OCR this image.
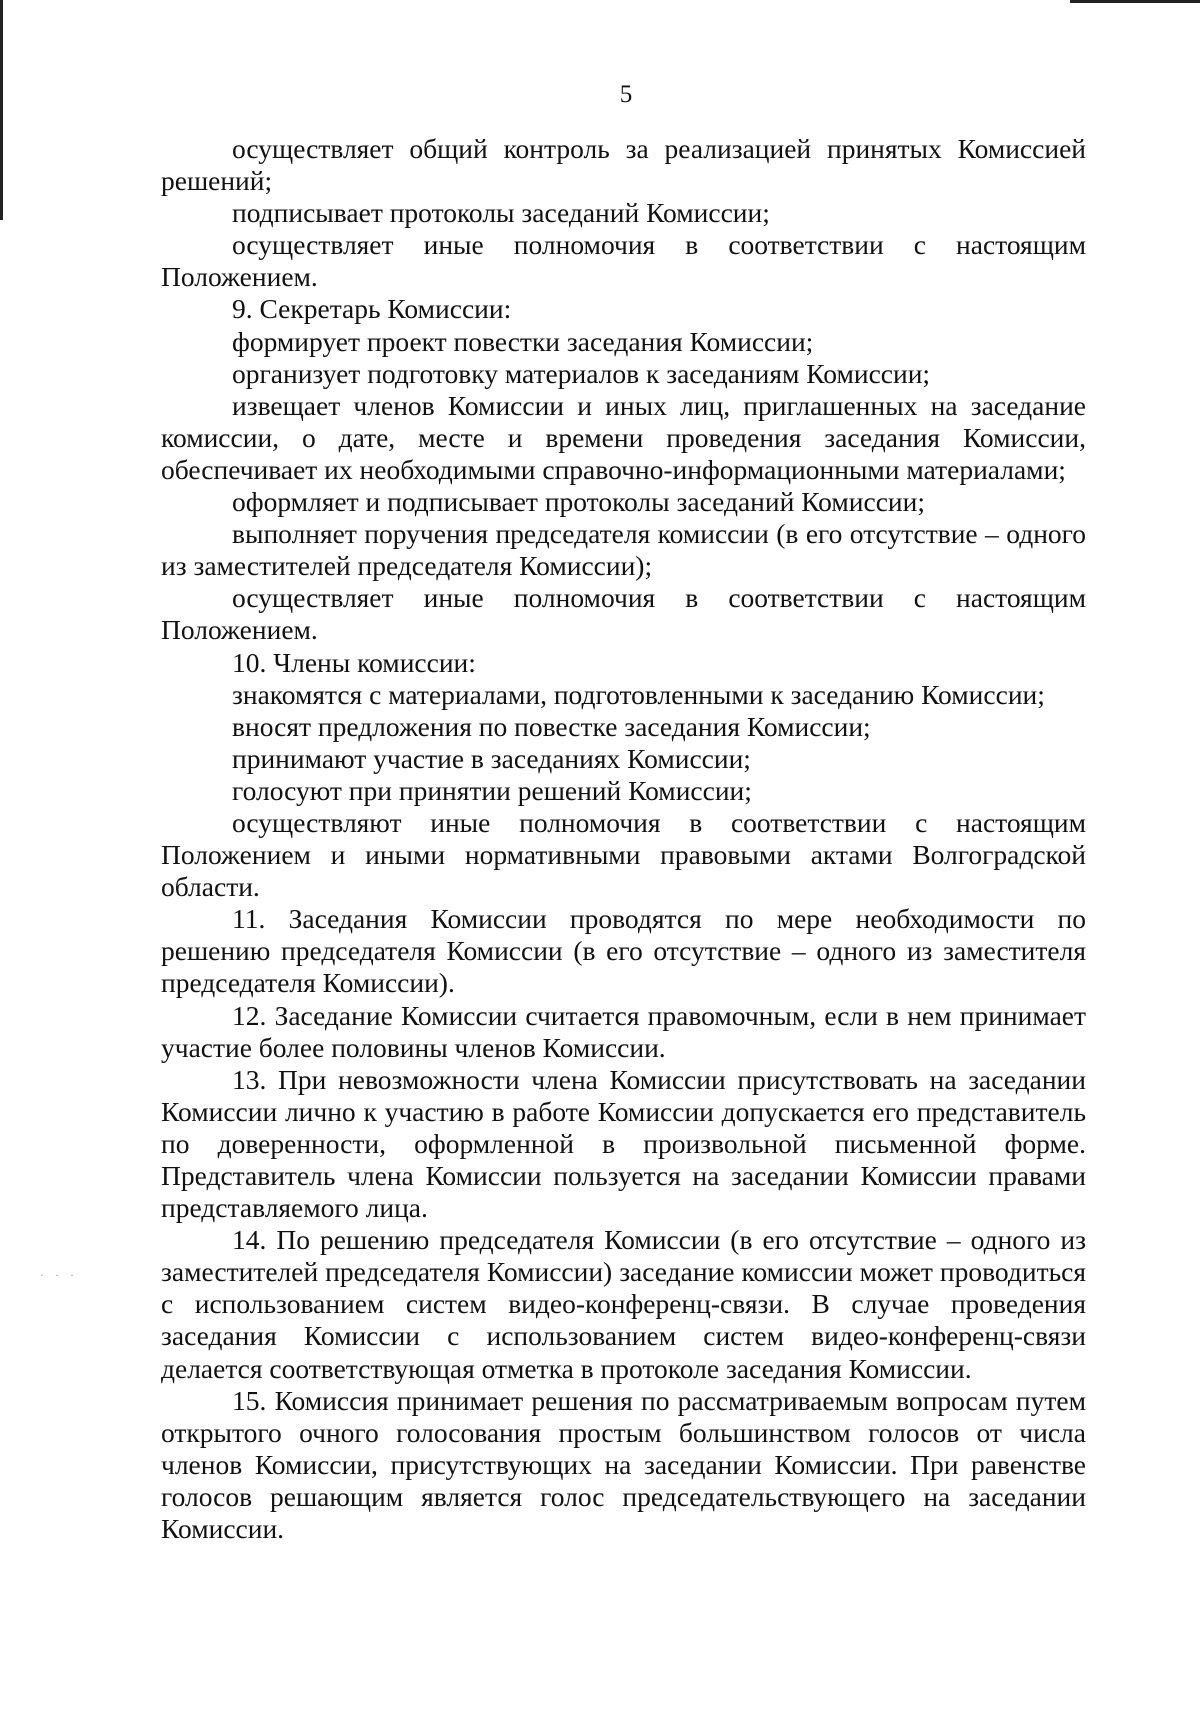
· · ·
5

осуществляет общий контроль за реализацией принятых Комиссией решений;

подписывает протоколы заседаний Комиссии;

осуществляет иные полномочия в соответствии с настоящим Положением.

9. Секретарь Комиссии:

формирует проект повестки заседания Комиссии;

организует подготовку материалов к заседаниям Комиссии;

извещает членов Комиссии и иных лиц, приглашенных на заседание комиссии, о дате, месте и времени проведения заседания Комиссии, обеспечивает их необходимыми справочно-информационными материалами;

оформляет и подписывает протоколы заседаний Комиссии;

выполняет поручения председателя комиссии (в его отсутствие – одного из заместителей председателя Комиссии);

осуществляет иные полномочия в соответствии с настоящим Положением.

10. Члены комиссии:

знакомятся с материалами, подготовленными к заседанию Комиссии;

вносят предложения по повестке заседания Комиссии;

принимают участие в заседаниях Комиссии;

голосуют при принятии решений Комиссии;

осуществляют иные полномочия в соответствии с настоящим Положением и иными нормативными правовыми актами Волгоградской области.

11. Заседания Комиссии проводятся по мере необходимости по решению председателя Комиссии (в его отсутствие – одного из заместителя председателя Комиссии).

12. Заседание Комиссии считается правомочным, если в нем принимает участие более половины членов Комиссии.

13. При невозможности члена Комиссии присутствовать на заседании Комиссии лично к участию в работе Комиссии допускается его представитель по доверенности, оформленной в произвольной письменной форме. Представитель члена Комиссии пользуется на заседании Комиссии правами представляемого лица.

14. По решению председателя Комиссии (в его отсутствие – одного из заместителей председателя Комиссии) заседание комиссии может проводиться с использованием систем видео-конференц-связи. В случае проведения заседания Комиссии с использованием систем видео-конференц-связи делается соответствующая отметка в протоколе заседания Комиссии.

15. Комиссия принимает решения по рассматриваемым вопросам путем открытого очного голосования простым большинством голосов от числа членов Комиссии, присутствующих на заседании Комиссии. При равенстве голосов решающим является голос председательствующего на заседании Комиссии.
